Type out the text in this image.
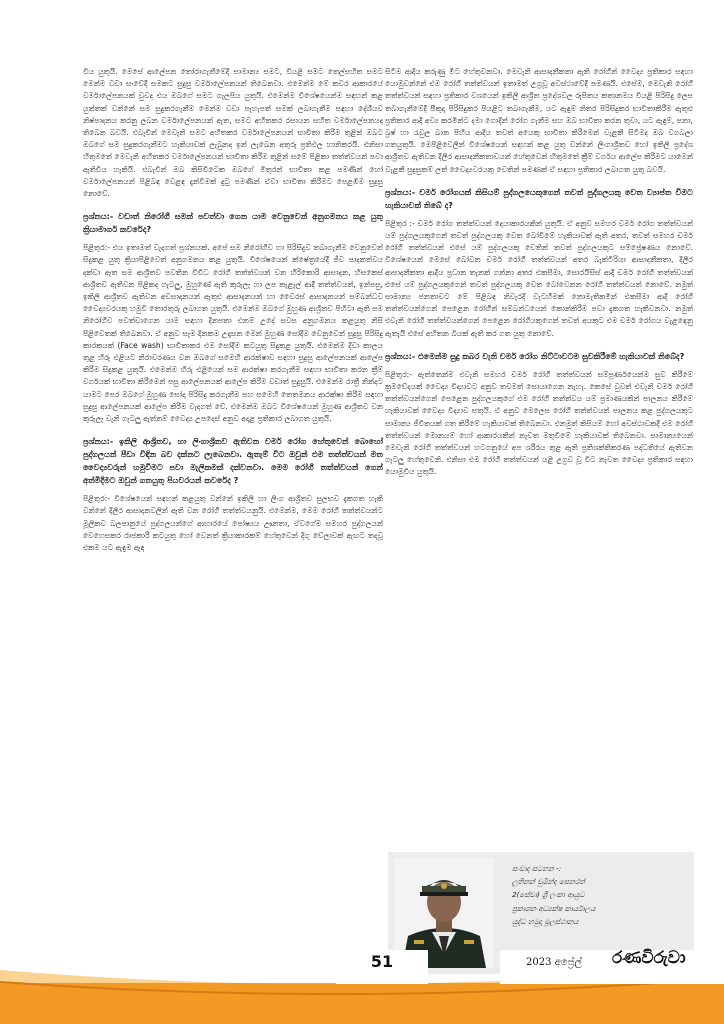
විය යුතුයි. මෙසේ ආලේපන තෝරාගැනීමේදී සාමාන්‍ය සමට, වියළි සමට තෙල්සහිත සමට මෙන්ම වඩා සංවේදී සමකට සුදුසු වර්මාලේපනයන් තිබෙනවා. එමෙන්ම මේ කවර ආකාරයේ වර්මාලේපනයක් වුවද එය ඔබගේ සමට ගැලපිය යුතුයි. එමෙන්ම විශේෂයෙන්ම සඳහන් කළ යුත්තක් වන්නේ සම සුදුකරගැනීම මෙන්ම වඩා පැහැපත් සමක් ලබාගැනීම සඳහා දේශීයව නිෂ්පාදනය කරනු ලබන වර්මාලේපනයන් ඇත, සමට අහිතකර රසායන සහිත වර්මාලේපනයද තිබෙන බවයි. එබැවින් මෙවැනි සමට අහිතකර වර්මාලේපනයන් භාවිතා කිරීම තුළින් ඔබට ඔබගේ සම සුදුකරගැනීමට හැකියාවක් ලැබුනද ඉන් ලැබෙන අතුරු ප්‍රතිඵල හානිකරයි. එනිසා හිතුමතේ මෙවැනි අහිතකර වර්මාලේපනයන් භාවිතා කිරීම තුළින් සමේ පිළිකා තත්ත්වයන් පවා ඇතිවිය හැකියි. එබැවින් ඔබ කිසිවිටෙක ඔබගේ මිතුරන් භාවිතා කළ පමණින් හෝ වර්මාලේපනයන් පිළිබඳ වෙළඳ දැන්වීමක් දුටු පමණින් ඒවා භාවිතා කිරීමට පෙළඹීම සුදුසු නොවේ.

ප්‍රශ්නය:- වඩාත් නිරෝගී සමක් පවත්වා ගෙන යාම වෙනුවෙන් අනුගමනය කළ යුතු ක්‍රියාමාර්ග කවරේද?

පිළිතුර:- එය ඉතාමත් වැදගත් ප්‍රශ්නයක්. අපේ සම නිරෝගීව හා පිරිසිදුව තබාගැනීම වෙනුවෙන් සිදුකළ යුතු ක්‍රියාපිළිවෙත් අනුගමනය කළ යුතුයි. විශේෂයෙන් ක්ෂේත්‍රයේදී ජීව පාදකත්වය දක්වා ඇත සම ආශ්‍රිතව පවතින විවිධ රෝගී තත්ත්වයන් වන හිරිකොරි ආසාදන, හිසකෙස් ආශ්‍රිතව ඇතිවන පිළිකද ගැටලු, මුහුණේ ඇති කුරුලෑ හා ලප කැළැල් ආදී තත්ත්වයන්, ඉන්පසු, ඉකිලි ආශ්‍රිතව ඇතිවන අවසාදනයන් ඇතුළු ආසාදනයන් හා වෛරස් ආසාදනයන් සම්බන්ධව වෛද්‍යවරයකු හමුවී තොරතුරු ලබාගත යුතුයි. එමෙන්ම ඔබගේ මුහුණ ආශ්‍රිතව පිහිටා ඇති සම නිරෝගීව පවත්වාගෙන යාම සඳහා දිනපතා එනම් උදේ සවස අනුගමනය කළයුතු නිසි පිළිවෙතක් තිබෙනවා. ඒ අනුව සෑම දිනකම උදෑසන මෙන් මුහුණ සෝදීම වෙනුවෙන් සුදුසු පිරිසිදු කාරකයක් (Face wash) භාවිතාකර එම සෝදීම කටයුතු සිදුකළ යුතුයි. එමෙන්ම දිවා කාලය තුළ හිරු එළියට නිරාවරණය වන ඔබගේ සමෙහි ආරක්ෂාව සඳහා සුදුසු ආලේපනයක් ආලේප කිරීම සිදුකළ යුතුයි. එමෙන්ම හිරු එළියෙන් සම ආරක්ෂා කරගැනීම සඳහා භාවිතා කරන ක්‍රීම් වර්ගයක් භාවිතා කිරීමෙන් පසු ආලේපනයක් ආලේප කිරීම වඩාත් සුදුසුයි. එමෙන්ම රාත්‍රී නින්දට යාමට පෙර ඔබගේ මුහුණ සෝදා පිරිසිදු කරගැනීම සහ සමෙහි තෙතමනය ආරක්ෂා කිරීම සඳහා සුදුසු ආලේපනයක් ආලේප කිරීම වැදගත් වේ. එමෙන්ම ඔබට විශේෂයෙන් මුහුණ ආශ්‍රිතව වන කුරුලෑ වැනි ගැටලු ඇත්නම් වෛද්‍ය උපදෙස් අනුව අදාළ ප්‍රතිකාර ලබාගත යුතුයි.

ප්‍රශ්නය:- ඉකිලි ආශ්‍රිතව, හා ලිංගාශ්‍රිතව ඇතිවන චර්ම රෝග හේතුවෙන් බොහෝ පුද්ගලයන් පීඩා විඳින බව දක්නට ලැබෙනවා. ඇතැම් විට ඔවුන් එම තත්ත්වයන් මත වෛද්‍යවරුන් හමුවීමට පවා මැලිකමක් දක්වනවා. මෙම රෝගී තත්ත්වයන් ගෙන් අත්මිදීමට ඔවුන් ගතයුතු පියවරයන් කවරේද ?

පිළිතුර:- විශේෂයෙන් සඳහන් කළයුතු වන්නේ ඉකිලි හා ලිංග ආශ්‍රිතව සුලභව දැකගත හැකි වන්නේ දිලීර ආසාදනවලින් ඇති වන රෝගී තත්ත්වයනුයි. එමෙන්ම, මෙම රෝගී තත්ත්වයන්ට මූලිකව බලපානුයේ පුද්ගලයන්ගේ ආහාරයේ පෝෂ්‍යය ඌනතා, ඒවගේම සමහර පුද්ගලයන් වෙහෙසකර රාජකාරී කටයුතු හෝ වෙනත් ක්‍රියාකාරකම් හේතුවෙන් දිගු වේලාවක් ඇඟට තදවූ එකම යට ඇඳුම ඇඳ

සිටීම ආදිය කරුණු මීට හේතුවනවා. මෙවැනි ආසාදනීකතා ඇති රෝගීන් වෛද්‍ය ප්‍රතිකාර සඳහා යොමුවන්නේ එම රෝගී තත්ත්වයන් ඉතාමත් උග්‍රවූ අවස්ථාවේදී පමණයි. එසේම, මෙවැනි රෝගී තත්ත්වයන් සඳහා ප්‍රතිකාර වශයෙන් ඉකිලි ආශ්‍රිත ප්‍රදේශවල රූපිතය කතානමය වියළි පිරිසිදු ලෙස තබාගැනීමේදී පීකුදා පිරිසිදුකර පියළිට තබාගැනීම, යට ඇඳුම් නිතර පිරිසිදුකර භාවිතාකිරීම ඇතුළු ප්‍රතිකාර ආදී අව්‍ය කරමින්ට දමා ගොදින් රෝග ගැනීම සහ ඔබ භාවිතා කරන තුවා, යට ඇඳුම්, පනා, බ්‍රෂ් හා රැවුල බාන පිහිය ආදිය තවත් අයෙකු භාවිතා කිරීමෙන් වැළකී සිටීමද ඔබ වගබලා ගතයුතුයි. මෙපිළිවෙලින් විශේෂයෙන් සඳහන් කළ යුතු වන්නේ ලිංගාශ්‍රිතව හෝ ඉකිලි ප්‍රදේශ ආශ්‍රිතව ඇතිවන දිලීර ආසාදනීකතාවයන් හේතුවෙන් හිතුමතේ ක්‍රීම් වර්ගය ආලේප කිරීමට යාමෙන් වැළකී සුදුසුකම් ලත් වෛද්‍යවරයකු වෙතින් පමණක් ඒ සඳහා ප්‍රතිකාර ලබාගත යුතු බවයි.

ප්‍රශ්නය:- චර්ම රෝගයක් කිසියම් පුද්ගලයෙකුගෙන් තවත් පුද්ගලයකු වෙත ව්‍යාප්ත වීමට හැකියාවක් තිබේ ද?

පිළිතුර :- චර්ම රෝග තත්ත්වයන් දෙයාකාරයකින් යුතුයි. ඒ අනුව සමහර වර්ම රෝග තත්ත්වයන් යම් පුද්ගලයකුගෙන් තවත් පුද්ගලයකු වෙත බෝවීමේ හැකියාවක් ඇති අතර, තවත් සමහර චර්ම රෝගී තත්ත්වයන් එසේ යම් පුද්ගලයකු වෙතින් තවත් පුද්ගලයකුට සම්ප්‍රේෂණය නොවේ. විශේෂයෙන් මෙසේ බෝවන චර්ම රෝගී තත්ත්වයන් අතර බැක්ටීරියා ආසාදනීකතා, දිලීර ආසාදනීකතා ආදිය ප්‍රධාන තැනක් ගන්නා අතර එකසීමා, සොරයිසිස් ආදී චර්ම රෝගී තත්ත්වයන් එසේ යම් පුද්ගලයකුගෙන් තවත් පුද්ගලයකු වෙත බෝවෙනන රෝගී තත්ත්වයන් නොවේ. නමුත් සාමාන්‍ය ජනතාවට මේ පිළිබඳ නිවැරදි වැටහීමක් නොමැතිකමින් එකසීමා ආදී රෝගී තත්ත්වයන්ගෙන් පෙළෙන රෝගීන් සම්බන්ධයෙන් කොන්කිරීම පවා දැකගත හැකිවනවා. නමුත් එවැනි රෝගී තත්ත්වයන්ගෙන් පෙළෙන රෝගියකුගෙන් තවත් අයකුට එම චර්ම රෝගය වැළඳෙනු ඇතැයි එසේ අහිතන බියක් ඇති කර ගත යුතු නොවේ.

ප්‍රශ්නය:- එමෙන්ම සුදු කබර වැනි චර්ම රෝග නිට්ටාවටම සුවකිරීමේ හැකියාවක් තිබේද?

පිළිතුර:- ඇත්තෙන්ම එවැනි සමහර චර්ම රෝගී තත්ත්වයන් සම්පූර්ණයෙන්ම සුව කිරීමේ ක්‍රමවේදයක් වෛද්‍ය විද්‍යාවට අනුව තවමත් සොයාගෙන නැහැ. කෙසේ වුවත් එවැනි චර්ම රෝගී තත්ත්වයන්ගෙන් පෙළෙන පුද්ගලයකුගේ එම රෝගී තත්ත්වය යම් ප්‍රමාණයකින් පාලනය කිරීමේ හැකියාවක් වෛද්‍ය විද්‍යාව සතුයි. ඒ අනුව මෙලෙස රෝගී තත්ත්වයන් පාලනය කළ පුද්ගලයකුට සාමාන්‍ය ජීවිතයක් ගත කිරීමේ හැකියාවක් තිබෙනවා. එනමුත් කිසියම් හෝ අවස්ථාවකදී එම රෝගී තත්ත්වයන් මොනයම් හෝ ආකාරයකින් නැවත මතුවීමේ හැකියාවක් තිබෙනවා. සාමාන්‍යයෙන් මෙවැනි රෝගී තත්ත්වයන් හටගනුයේ අප ශරීරය තුළ ඇති ප්‍රතිශක්තිකරණ පද්ධතියේ ඇතිවන ගැටලු හේතුවෙනි. එනිසා එම රෝගී තත්ත්වයන් යළි උග්‍රව වූ විට නැවත වෛද්‍ය ප්‍රතිකාර සඳහා යොමුවිය යුතුයි.

සංවාද සටහන -:
ලුතිනන් වුමින්ද සෙනරත්
2(සේවා) ශ්‍රී ලංකා ආයුධ
ප්‍රකාශන අධ්‍යක්ෂ කාර්යාලය
යුද්ධ හමුදා මූලස්ථානය
51	2023 අප්‍රේල් රණවිරුවා
